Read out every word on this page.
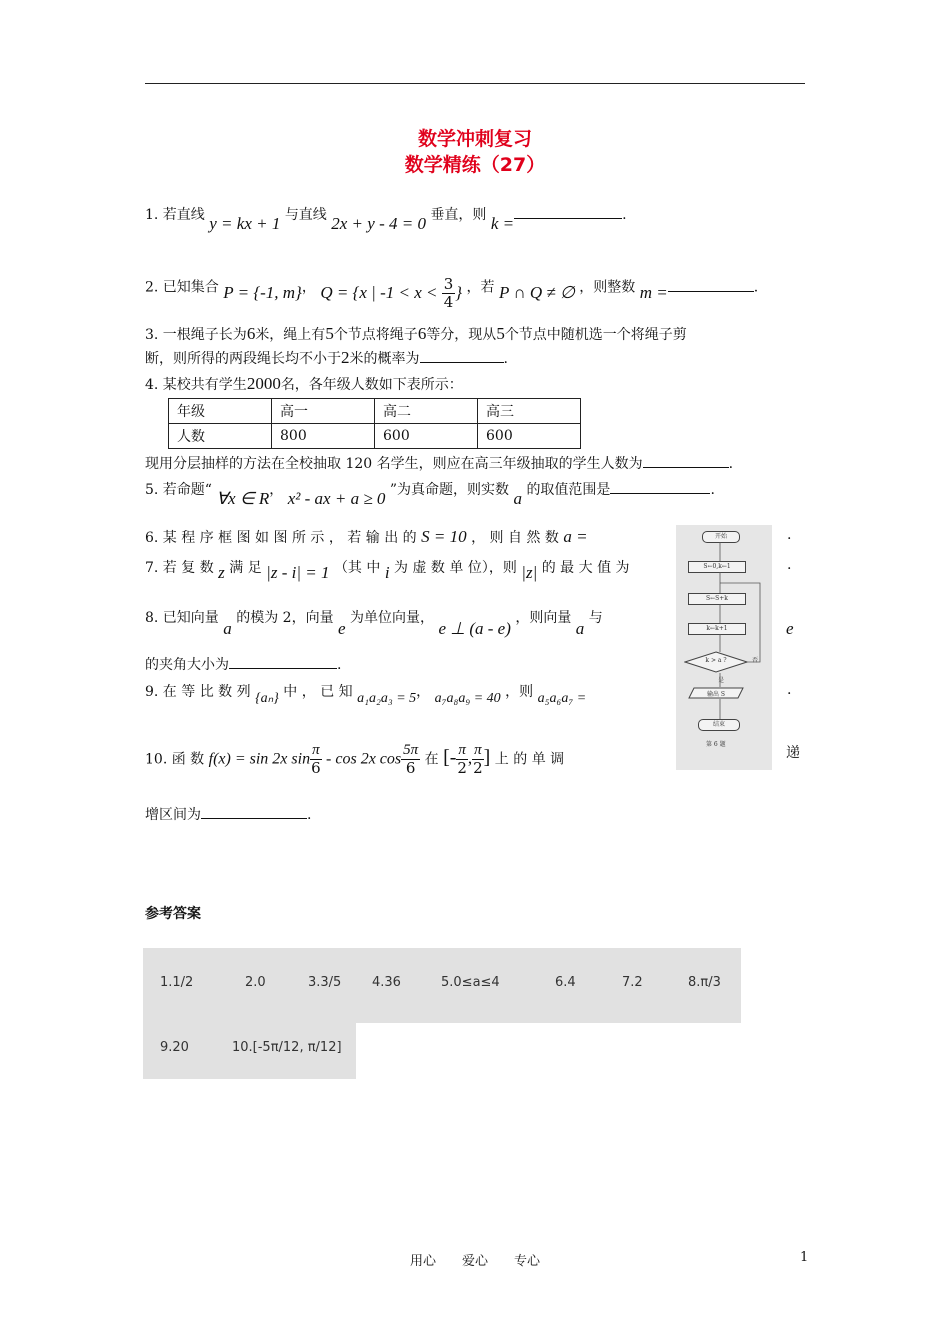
数学冲刺复习
数学精练（27）
1. 若直线 y = kx + 1 与直线 2x + y - 4 = 0 垂直，则 k =	.
2. 已知集合 P = {-1, m}， Q = {x | $-1 < x < \frac{3}{4}$ } ，若 P ∩ Q ≠ ∅ ，则整数 m =	.
3. 一根绳子长为6米，绳上有5个节点将绳子6等分，现从5个节点中随机选一个将绳子剪
断，则所得的两段绳长均不小于2米的概率为	.
4. 某校共有学生2000名，各年级人数如下表所示：
年级	高一	高二	高三
人数	800	600	600
现用分层抽样的方法在全校抽取 120 名学生，则应在高三年级抽取的学生人数为	.
5. 若命题“ ∀x ∈ R， x² - ax + a ≥ 0 ”为真命题，则实数 a 的取值范围是	.
6. 某 程 序 框 图 如 图 所 示 ， 若 输 出 的 S = 10 ， 则 自 然 数 a =	.
7. 若 复 数 z 满 足 |z - i| = 1 （其 中 i 为 虚 数 单 位），则 |z| 的 最 大 值 为	.
8. 已知向量 a 的模为 2，向量 e 为单位向量， e ⊥ (a - e) ，则向量 a 与
e
的夹角大小为	.
9. 在 等 比 数 列 {aₙ} 中 ， 已 知 a₁a₂a₃ = 5， a₇a₈a₉ = 40 ，则 a₅a₆a₇ =
.
10. 函 数 f(x) = sin 2x $\sin \frac{\pi}{6}$ - cos 2x $\cos \frac{5\pi}{6}$ 在 [- $\frac{\pi}{2}$ , $\frac{\pi}{2}$ ] 上 的 单 调	递
增区间为	.
开始
S←0,k←1
S←S+k
k←k+1
k > a ?	否
是
输出 S
结束
第 6 题
参考答案
1.1/2	2.0	3.3/5 4.36	5.0≤a≤4	6.4	7.2	8.π/3
9.20	10.[-5π/12, π/12]
用心　　爱心　　专心	1
